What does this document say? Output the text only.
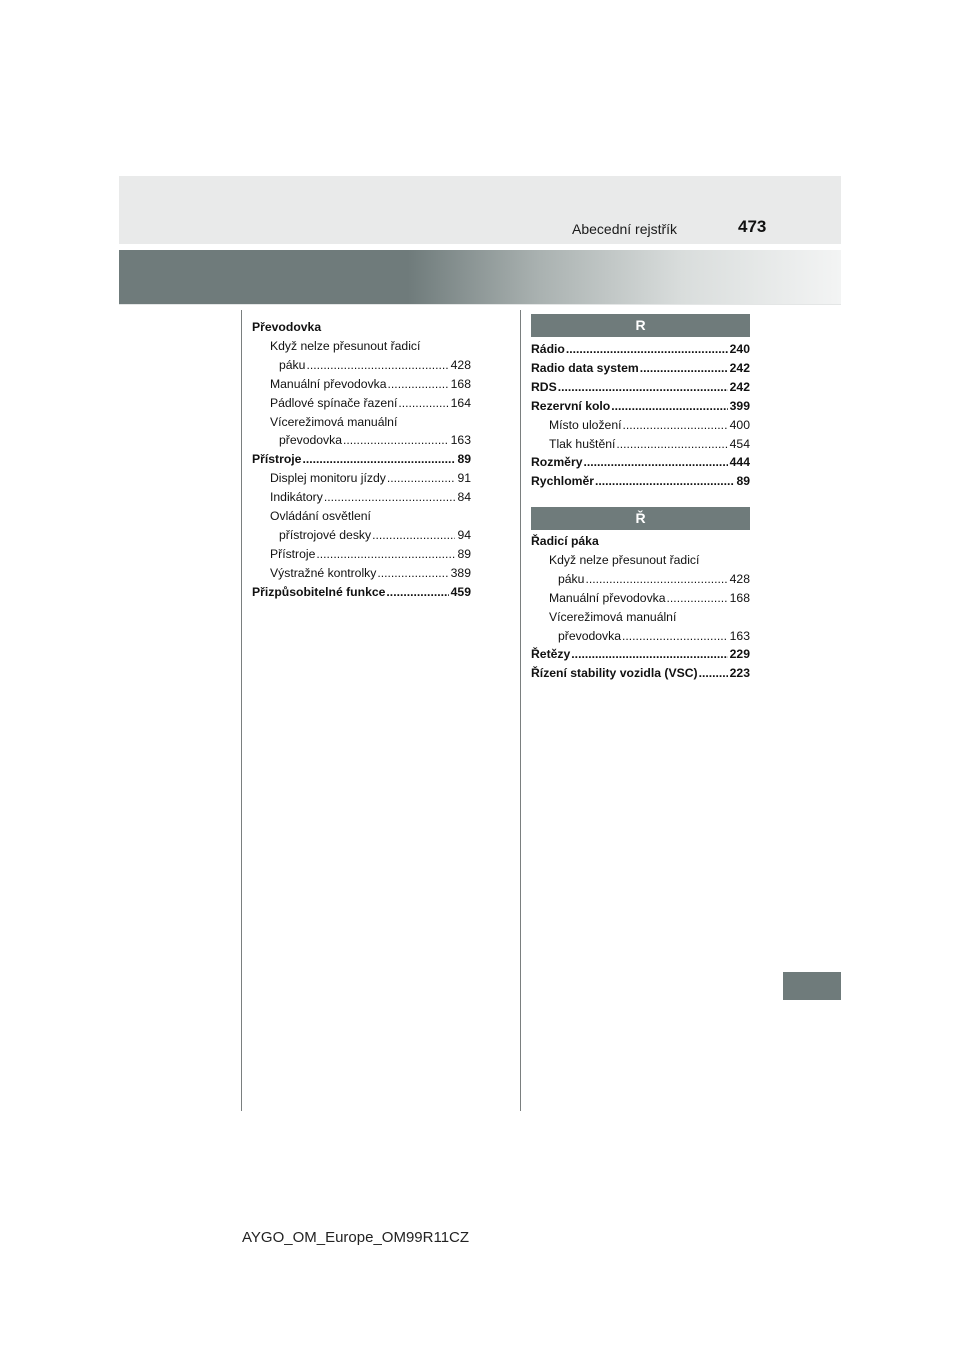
Abecední rejstřík	473
Převodovka
Když nelze přesunout řadicí
páku .....	428
Manuální převodovka .....	168
Pádlové spínače řazení .....	164
Vícerežimová manuální
převodovka .....	163
Přístroje .....	89
Displej monitoru jízdy .....	91
Indikátory .....	84
Ovládání osvětlení
přístrojové desky .....	94
Přístroje .....	89
Výstražné kontrolky .....	389
Přizpůsobitelné funkce .....	459
R
Rádio .....	240
Radio data system .....	242
RDS .....	242
Rezervní kolo .....	399
Místo uložení .....	400
Tlak huštění .....	454
Rozměry .....	444
Rychloměr .....	89
Ř
Řadicí páka
Když nelze přesunout řadicí
páku .....	428
Manuální převodovka .....	168
Vícerežimová manuální
převodovka .....	163
Řetězy .....	229
Řízení stability vozidla (VSC) .....	223
AYGO_OM_Europe_OM99R11CZ
